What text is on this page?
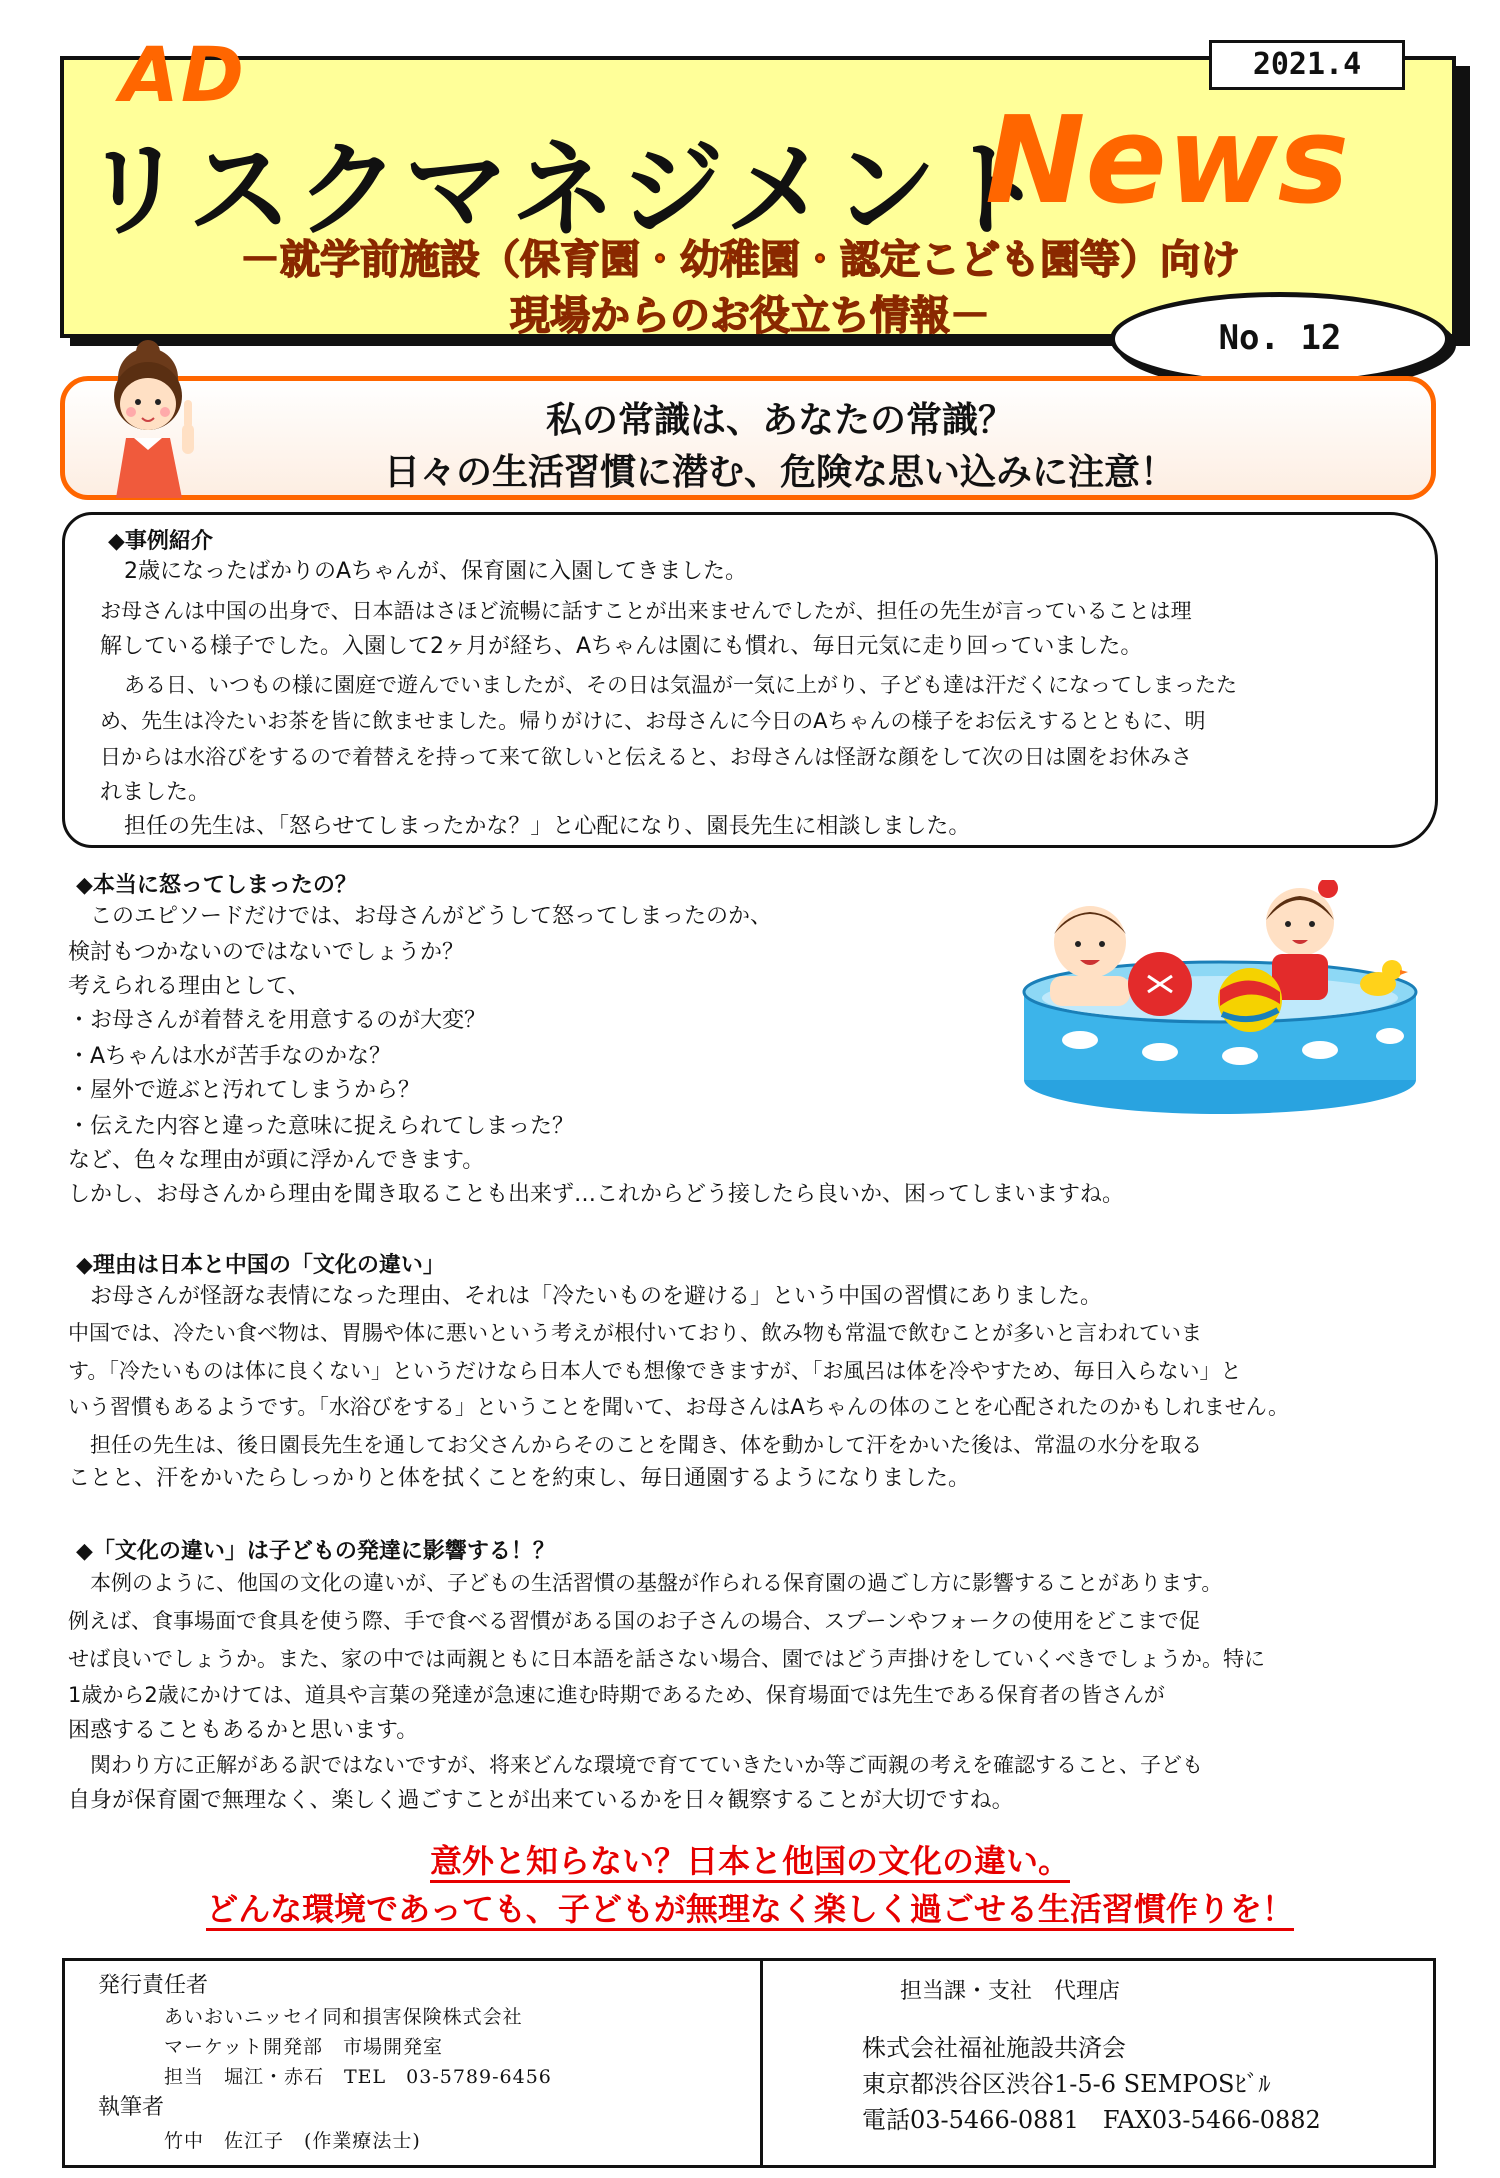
AD
リスクマネジメント
News
2021.4
－就学前施設（保育園・幼稚園・認定こども園等）向け
現場からのお役立ち情報－	No. 12
私の常識は、あなたの常識？
日々の生活習慣に潜む、危険な思い込みに注意！
◆事例紹介
2歳になったばかりのAちゃんが、保育園に入園してきました。
お母さんは中国の出身で、日本語はさほど流暢に話すことが出来ませんでしたが、担任の先生が言っていることは理
解している様子でした。入園して2ヶ月が経ち、Aちゃんは園にも慣れ、毎日元気に走り回っていました。
ある日、いつもの様に園庭で遊んでいましたが、その日は気温が一気に上がり、子ども達は汗だくになってしまったた
め、先生は冷たいお茶を皆に飲ませました。帰りがけに、お母さんに今日のAちゃんの様子をお伝えするとともに、明
日からは水浴びをするので着替えを持って来て欲しいと伝えると、お母さんは怪訝な顔をして次の日は園をお休みさ
れました。
担任の先生は、「怒らせてしまったかな？」と心配になり、園長先生に相談しました。
◆本当に怒ってしまったの？
このエピソードだけでは、お母さんがどうして怒ってしまったのか、
検討もつかないのではないでしょうか？
考えられる理由として、
・お母さんが着替えを用意するのが大変？
・Aちゃんは水が苦手なのかな？
・屋外で遊ぶと汚れてしまうから？
・伝えた内容と違った意味に捉えられてしまった？
など、色々な理由が頭に浮かんできます。
しかし、お母さんから理由を聞き取ることも出来ず…これからどう接したら良いか、困ってしまいますね。
◆理由は日本と中国の「文化の違い」
お母さんが怪訝な表情になった理由、それは「冷たいものを避ける」という中国の習慣にありました。
中国では、冷たい食べ物は、胃腸や体に悪いという考えが根付いており、飲み物も常温で飲むことが多いと言われていま
す。「冷たいものは体に良くない」というだけなら日本人でも想像できますが、「お風呂は体を冷やすため、毎日入らない」と
いう習慣もあるようです。「水浴びをする」ということを聞いて、お母さんはAちゃんの体のことを心配されたのかもしれません。
担任の先生は、後日園長先生を通してお父さんからそのことを聞き、体を動かして汗をかいた後は、常温の水分を取る
ことと、汗をかいたらしっかりと体を拭くことを約束し、毎日通園するようになりました。
◆「文化の違い」は子どもの発達に影響する！？
本例のように、他国の文化の違いが、子どもの生活習慣の基盤が作られる保育園の過ごし方に影響することがあります。
例えば、食事場面で食具を使う際、手で食べる習慣がある国のお子さんの場合、スプーンやフォークの使用をどこまで促
せば良いでしょうか。また、家の中では両親ともに日本語を話さない場合、園ではどう声掛けをしていくべきでしょうか。特に
1歳から2歳にかけては、道具や言葉の発達が急速に進む時期であるため、保育場面では先生である保育者の皆さんが
困惑することもあるかと思います。
関わり方に正解がある訳ではないですが、将来どんな環境で育てていきたいか等ご両親の考えを確認すること、子ども
自身が保育園で無理なく、楽しく過ごすことが出来ているかを日々観察することが大切ですね。
意外と知らない？日本と他国の文化の違い。
どんな環境であっても、子どもが無理なく楽しく過ごせる生活習慣作りを！
発行責任者
あいおいニッセイ同和損害保険株式会社
マーケット開発部　市場開発室
担当　堀江・赤石　TEL　03-5789-6456
執筆者
竹中　佐江子　(作業療法士)
担当課・支社　代理店
株式会社福祉施設共済会
東京都渋谷区渋谷1-5-6 SEMPOSﾋﾞﾙ
電話03-5466-0881　FAX03-5466-0882
